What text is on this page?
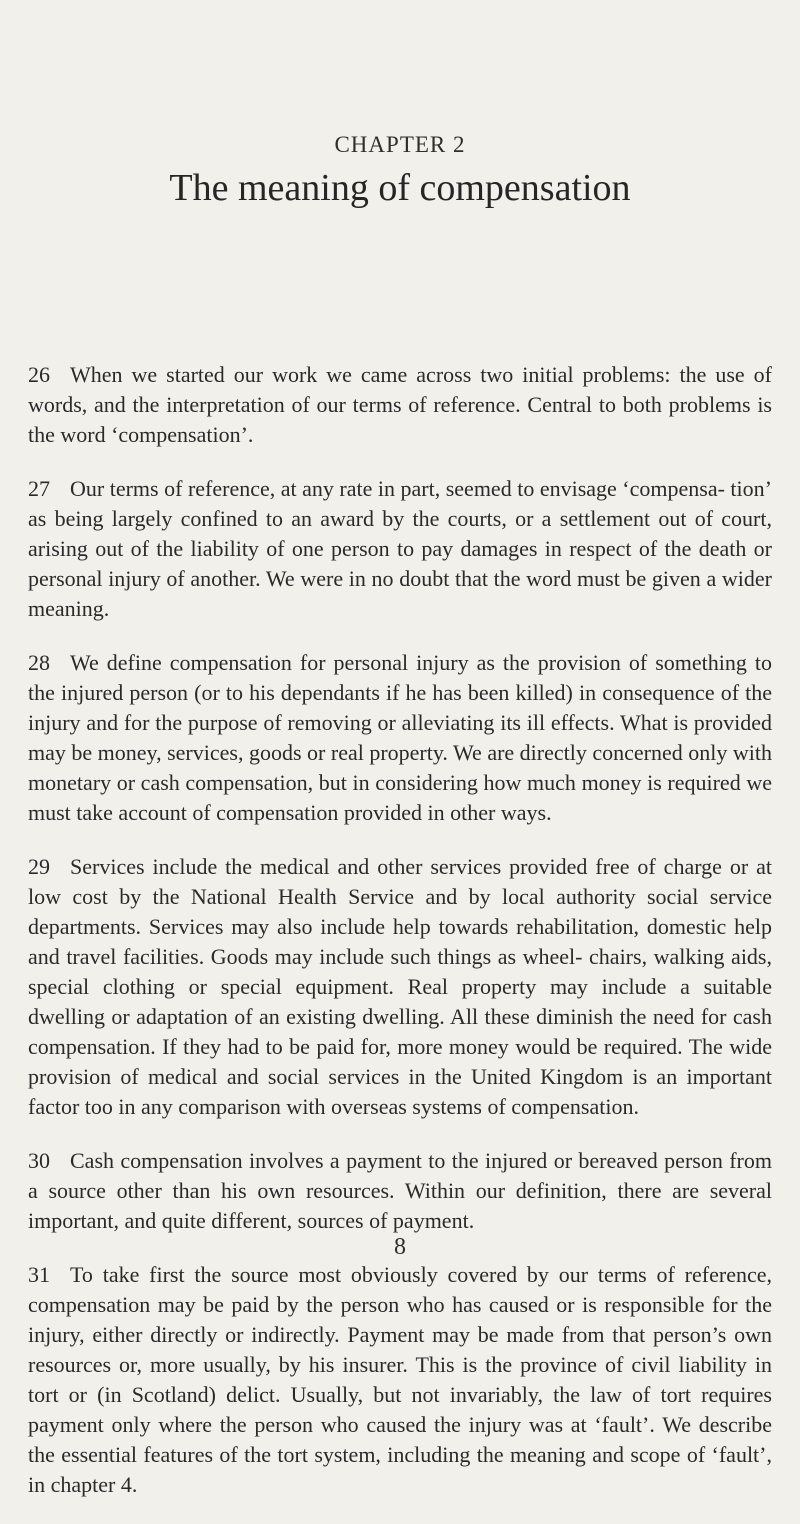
CHAPTER 2
The meaning of compensation

26 When we started our work we came across two initial problems: the use of words, and the interpretation of our terms of reference. Central to both problems is the word ‘compensation’.

27 Our terms of reference, at any rate in part, seemed to envisage ‘compensa- tion’ as being largely confined to an award by the courts, or a settlement out of court, arising out of the liability of one person to pay damages in respect of the death or personal injury of another. We were in no doubt that the word must be given a wider meaning.

28 We define compensation for personal injury as the provision of something to the injured person (or to his dependants if he has been killed) in consequence of the injury and for the purpose of removing or alleviating its ill effects. What is provided may be money, services, goods or real property. We are directly concerned only with monetary or cash compensation, but in considering how much money is required we must take account of compensation provided in other ways.

29 Services include the medical and other services provided free of charge or at low cost by the National Health Service and by local authority social service departments. Services may also include help towards rehabilitation, domestic help and travel facilities. Goods may include such things as wheel- chairs, walking aids, special clothing or special equipment. Real property may include a suitable dwelling or adaptation of an existing dwelling. All these diminish the need for cash compensation. If they had to be paid for, more money would be required. The wide provision of medical and social services in the United Kingdom is an important factor too in any comparison with overseas systems of compensation.

30 Cash compensation involves a payment to the injured or bereaved person from a source other than his own resources. Within our definition, there are several important, and quite different, sources of payment.

31 To take first the source most obviously covered by our terms of reference, compensation may be paid by the person who has caused or is responsible for the injury, either directly or indirectly. Payment may be made from that person’s own resources or, more usually, by his insurer. This is the province of civil liability in tort or (in Scotland) delict. Usually, but not invariably, the law of tort requires payment only where the person who caused the injury was at ‘fault’. We describe the essential features of the tort system, including the meaning and scope of ‘fault’, in chapter 4.

8
